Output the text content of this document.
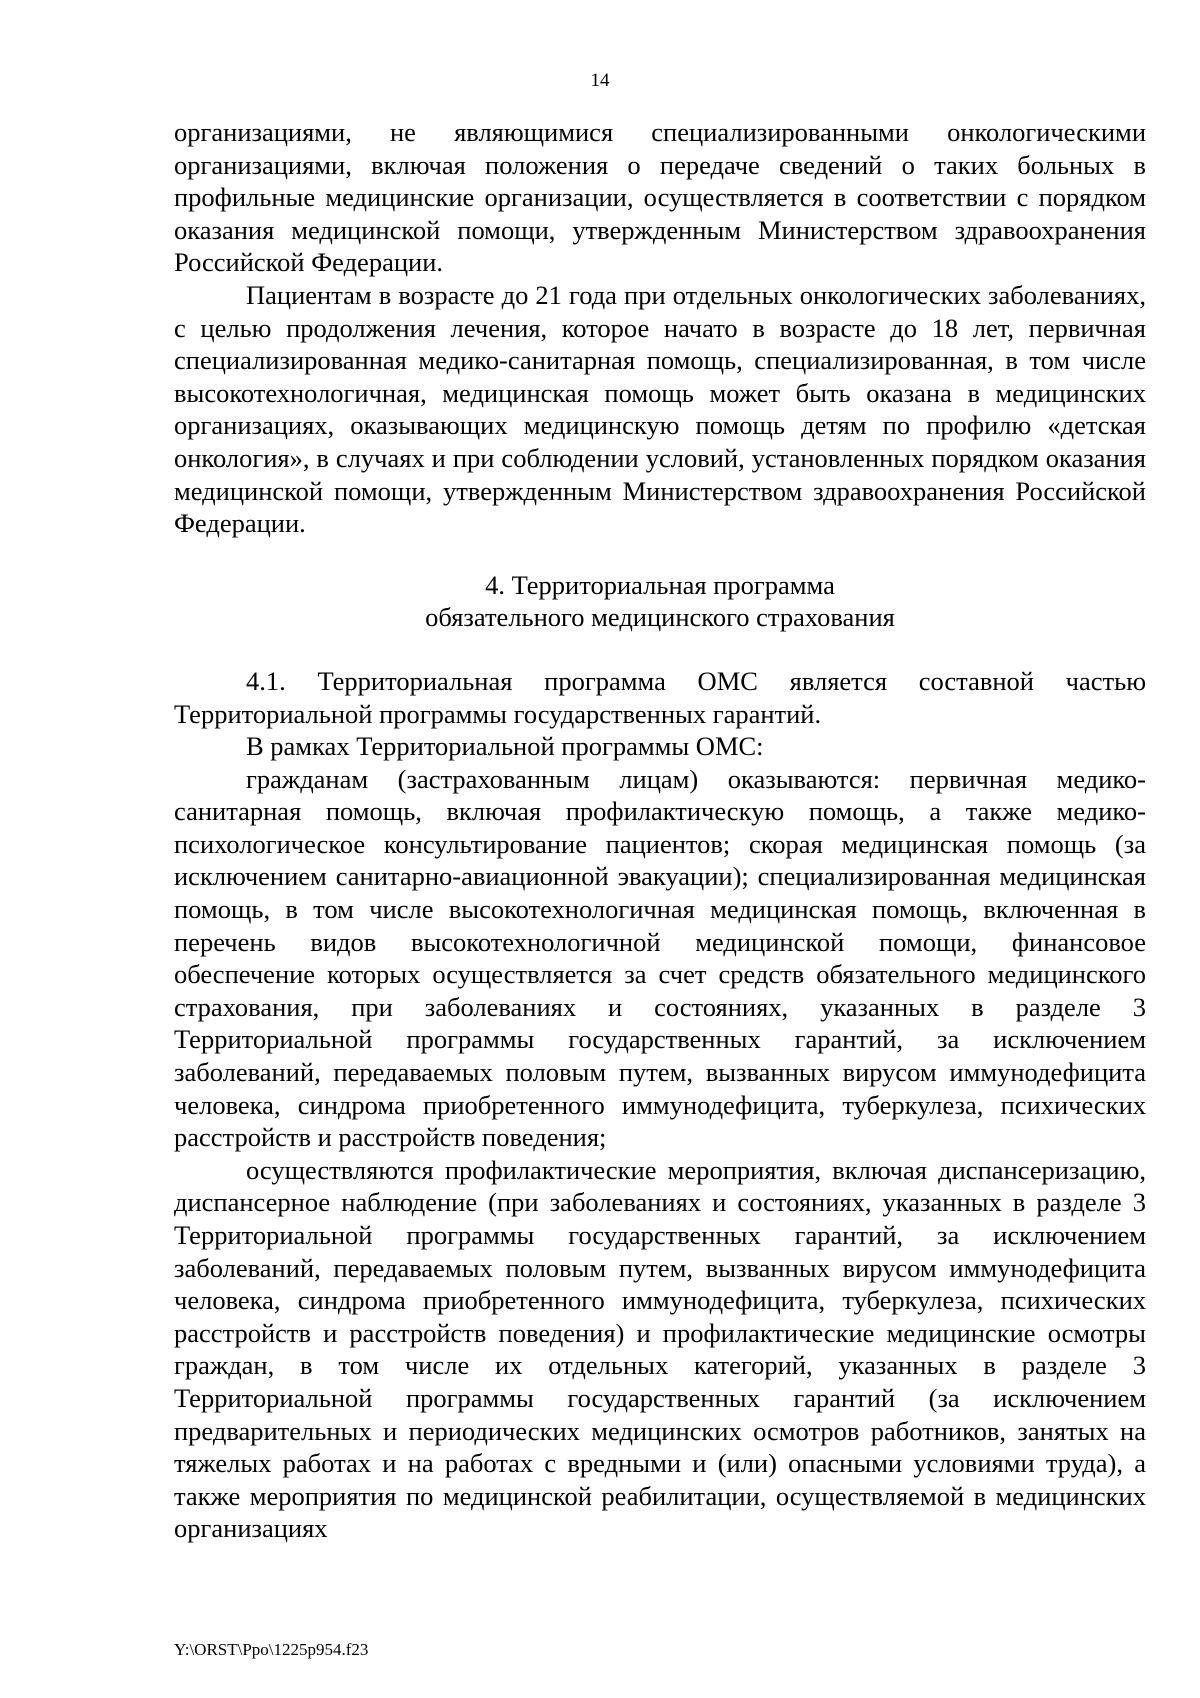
14

организациями, не являющимися специализированными онкологическими организациями, включая положения о передаче сведений о таких больных в профильные медицинские организации, осуществляется в соответствии с порядком оказания медицинской помощи, утвержденным Министерством здравоохранения Российской Федерации.

Пациентам в возрасте до 21 года при отдельных онкологических заболеваниях, с целью продолжения лечения, которое начато в возрасте до 18 лет, первичная специализированная медико-санитарная помощь, специализированная, в том числе высокотехнологичная, медицинская помощь может быть оказана в медицинских организациях, оказывающих медицинскую помощь детям по профилю «детская онкология», в случаях и при соблюдении условий, установленных порядком оказания медицинской помощи, утвержденным Министерством здравоохранения Российской Федерации.

4. Территориальная программа
обязательного медицинского страхования

4.1. Территориальная программа ОМС является составной частью Территориальной программы государственных гарантий.

В рамках Территориальной программы ОМС:

гражданам (застрахованным лицам) оказываются: первичная медико-санитарная помощь, включая профилактическую помощь, а также медико-психологическое консультирование пациентов; скорая медицинская помощь (за исключением санитарно-авиационной эвакуации); специализированная медицинская помощь, в том числе высокотехнологичная медицинская помощь, включенная в перечень видов высокотехнологичной медицинской помощи, финансовое обеспечение которых осуществляется за счет средств обязательного медицинского страхования, при заболеваниях и состояниях, указанных в разделе 3 Территориальной программы государственных гарантий, за исключением заболеваний, передаваемых половым путем, вызванных вирусом иммунодефицита человека, синдрома приобретенного иммунодефицита, туберкулеза, психических расстройств и расстройств поведения;

осуществляются профилактические мероприятия, включая диспансеризацию, диспансерное наблюдение (при заболеваниях и состояниях, указанных в разделе 3 Территориальной программы государственных гарантий, за исключением заболеваний, передаваемых половым путем, вызванных вирусом иммунодефицита человека, синдрома приобретенного иммунодефицита, туберкулеза, психических расстройств и расстройств поведения) и профилактические медицинские осмотры граждан, в том числе их отдельных категорий, указанных в разделе 3 Территориальной программы государственных гарантий (за исключением предварительных и периодических медицинских осмотров работников, занятых на тяжелых работах и на работах с вредными и (или) опасными условиями труда), а также мероприятия по медицинской реабилитации, осуществляемой в медицинских организациях

Y:\ORST\Ppo\1225p954.f23
